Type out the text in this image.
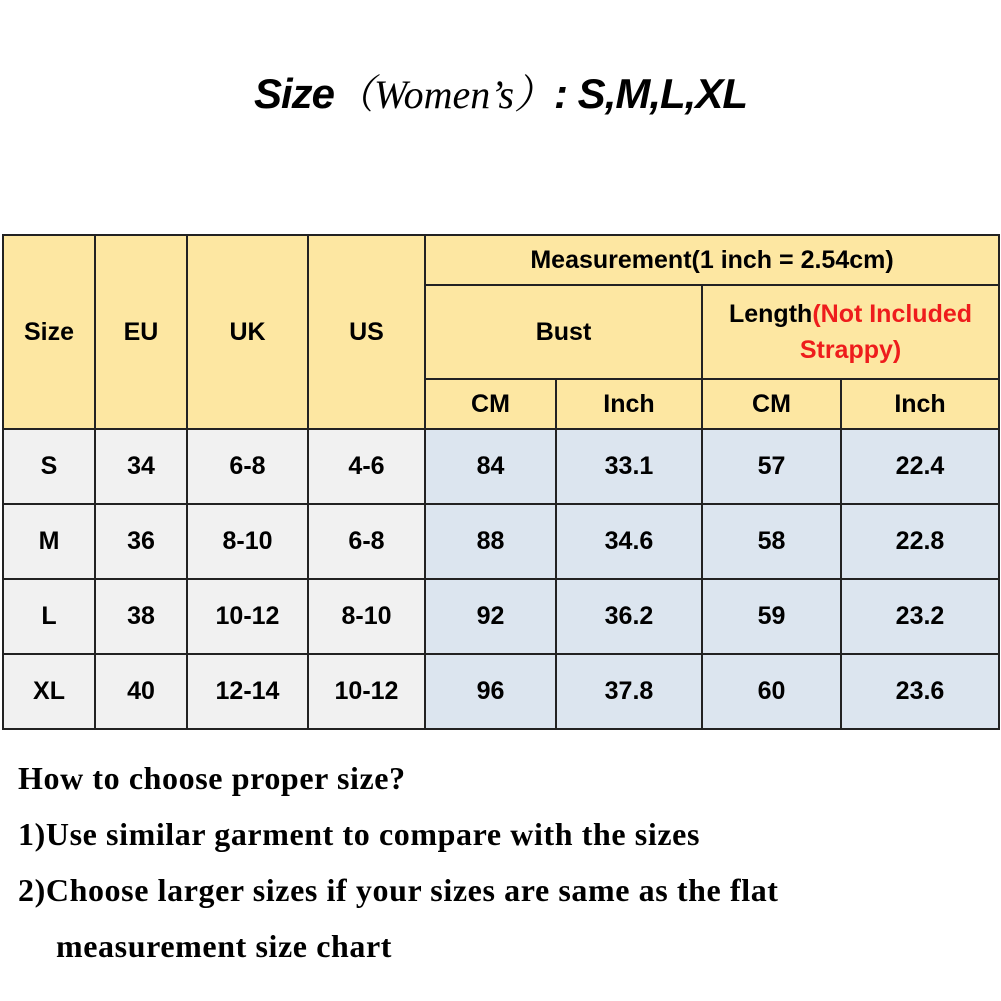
Size（Women’s）: S,M,L,XL
Size	EU	UK	US	Measurement(1 inch = 2.54cm)			
				Bust		Length(Not Included
Strappy)	
				CM	Inch	CM	Inch
S	34	6-8	4-6	84	33.1	57	22.4
M	36	8-10	6-8	88	34.6	58	22.8
L	38	10-12	8-10	92	36.2	59	23.2
XL	40	12-14	10-12	96	37.8	60	23.6
How to choose proper size?
1)Use similar garment to compare with the sizes
2)Choose larger sizes if your sizes are same as the flat
measurement size chart
